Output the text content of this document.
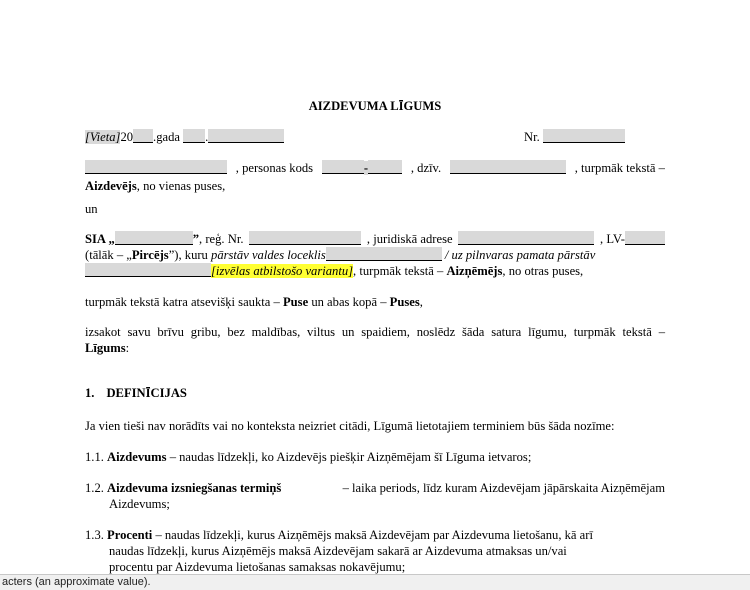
AIZDEVUMA LĪGUMS
[Vieta]20 .gada .	Nr.
, personas kods	-	, dzīv.	, turpmāk tekstā –
Aizdevējs, no vienas puses,
un
SIA „	”, reģ. Nr.	, juridiskā adrese	, LV-
(tālāk – „Pircējs”), kuru pārstāv valdes loceklis	/ uz pilnvaras pamata pārstāv
[izvēlas atbilstošo variantu], turpmāk tekstā – Aizņēmējs, no otras puses,
turpmāk tekstā katra atsevišķi saukta – Puse un abas kopā – Puses,
izsakot savu brīvu gribu, bez maldības, viltus un spaidiem, noslēdz šāda satura līgumu, turpmāk tekstā –
Līgums:
1. DEFINĪCIJAS
Ja vien tieši nav norādīts vai no konteksta neizriet citādi, Līgumā lietotajiem terminiem būs šāda nozīme:
1.1. Aizdevums – naudas līdzekļi, ko Aizdevējs piešķir Aizņēmējam šī Līguma ietvaros;
1.2. Aizdevuma izsniegšanas termiņš	– laika periods, līdz kuram Aizdevējam jāpārskaita Aizņēmējam
Aizdevums;
1.3. Procenti – naudas līdzekļi, kurus Aizņēmējs maksā Aizdevējam par Aizdevuma lietošanu, kā arī
naudas līdzekļi, kurus Aizņēmējs maksā Aizdevējam sakarā ar Aizdevuma atmaksas un/vai
procentu par Aizdevuma lietošanas samaksas nokavējumu;
acters (an approximate value).
